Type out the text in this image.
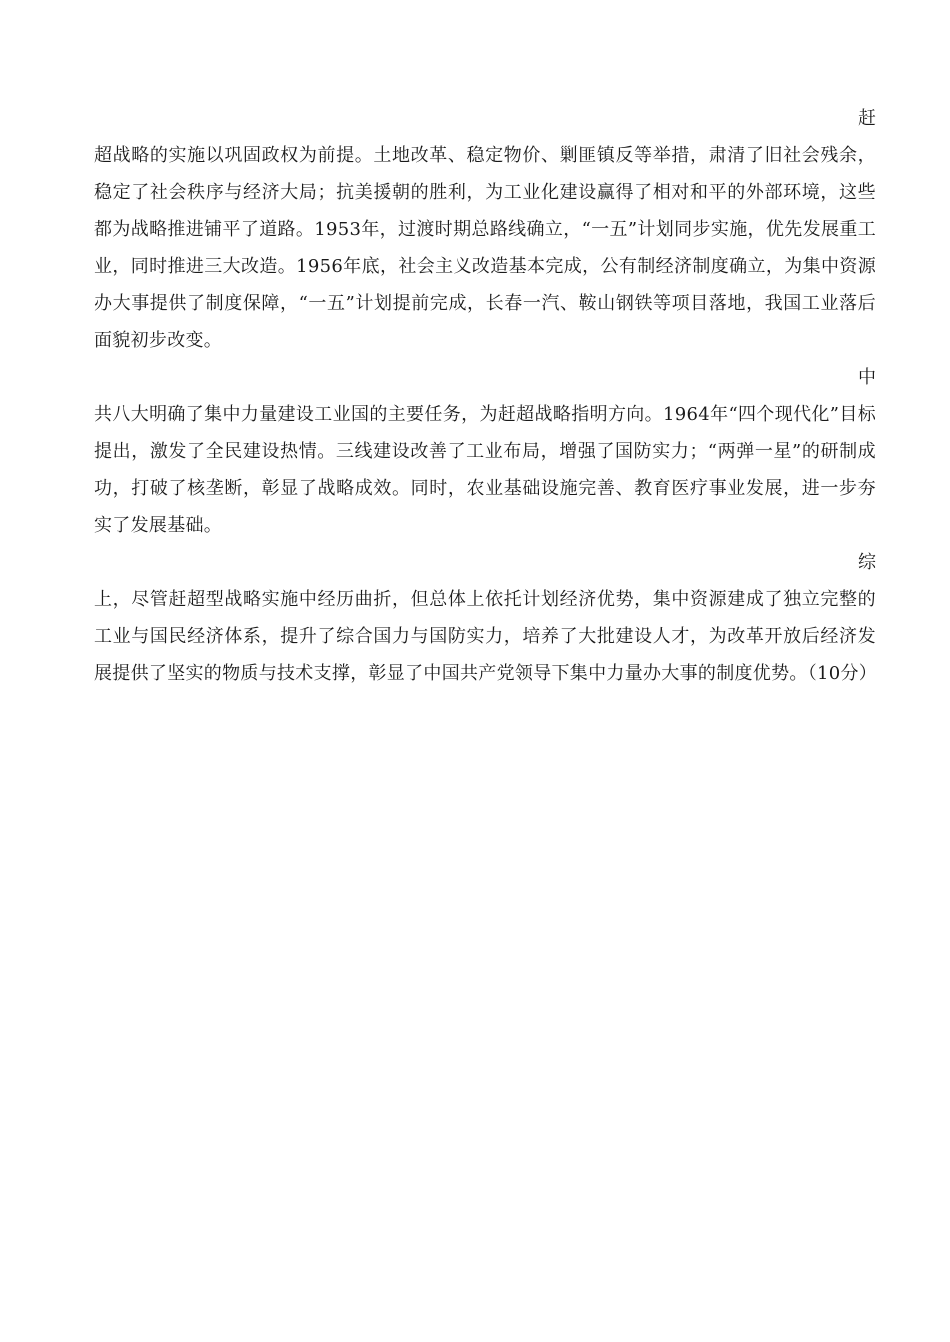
赶
超战略的实施以巩固政权为前提。土地改革、稳定物价、剿匪镇反等举措，肃清了旧社会残余，稳定了社会秩序与经济大局；抗美援朝的胜利，为工业化建设赢得了相对和平的外部环境，这些都为战略推进铺平了道路。1953年，过渡时期总路线确立，“一五”计划同步实施，优先发展重工业，同时推进三大改造。1956年底，社会主义改造基本完成，公有制经济制度确立，为集中资源办大事提供了制度保障，“一五”计划提前完成，长春一汽、鞍山钢铁等项目落地，我国工业落后面貌初步改变。
中
共八大明确了集中力量建设工业国的主要任务，为赶超战略指明方向。1964年“四个现代化”目标提出，激发了全民建设热情。三线建设改善了工业布局，增强了国防实力；“两弹一星”的研制成功，打破了核垄断，彰显了战略成效。同时，农业基础设施完善、教育医疗事业发展，进一步夯实了发展基础。
综
上，尽管赶超型战略实施中经历曲折，但总体上依托计划经济优势，集中资源建成了独立完整的工业与国民经济体系，提升了综合国力与国防实力，培养了大批建设人才，为改革开放后经济发展提供了坚实的物质与技术支撑，彰显了中国共产党领导下集中力量办大事的制度优势。（10分）
